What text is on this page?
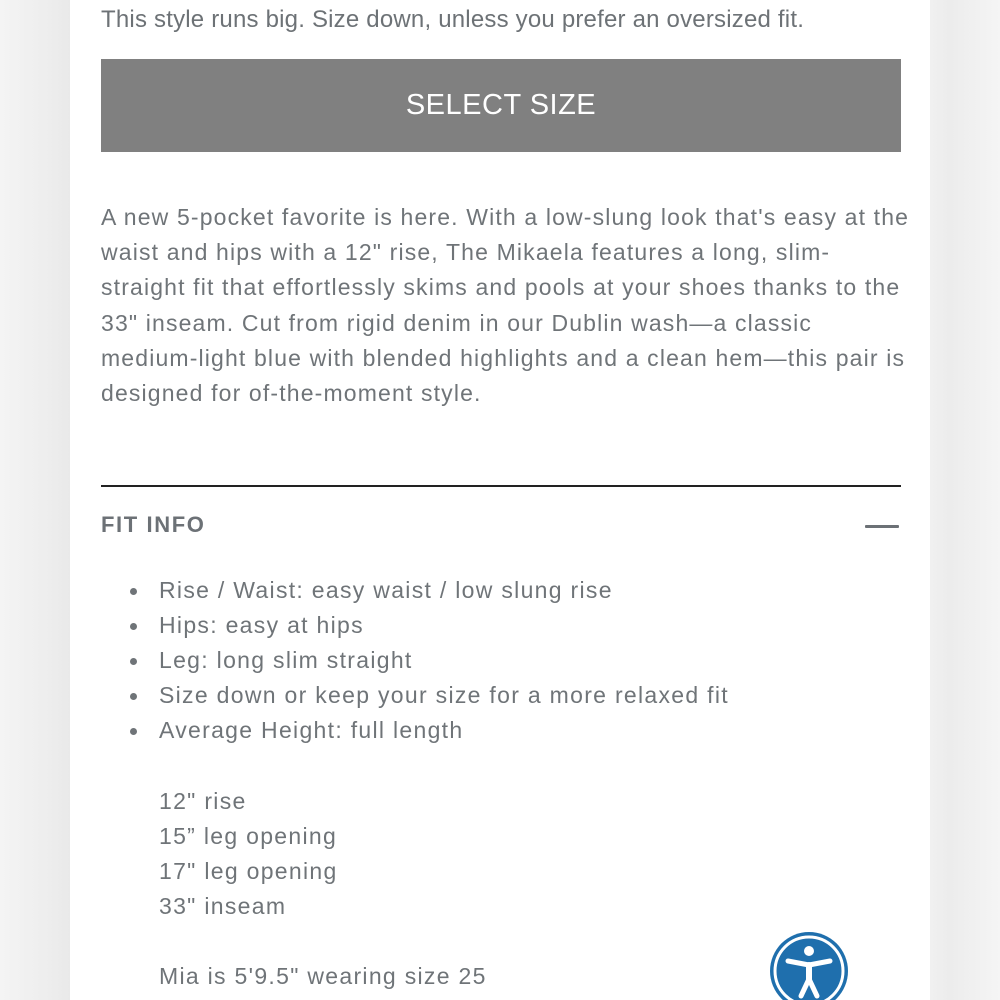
This style runs big. Size down, unless you prefer an oversized fit.
SELECT SIZE

A new 5-pocket favorite is here. With a low-slung look that's easy at the waist and hips with a 12" rise, The Mikaela features a long, slim-straight fit that effortlessly skims and pools at your shoes thanks to the 33" inseam. Cut from rigid denim in our Dublin wash—a classic medium-light blue with blended highlights and a clean hem—this pair is designed for of-the-moment style.

FIT INFO
Rise / Waist: easy waist / low slung rise
Hips: easy at hips
Leg: long slim straight
Size down or keep your size for a more relaxed fit
Average Height: full length
12" rise
15” leg opening
17" leg opening
33" inseam
Mia is 5'9.5" wearing size 25
